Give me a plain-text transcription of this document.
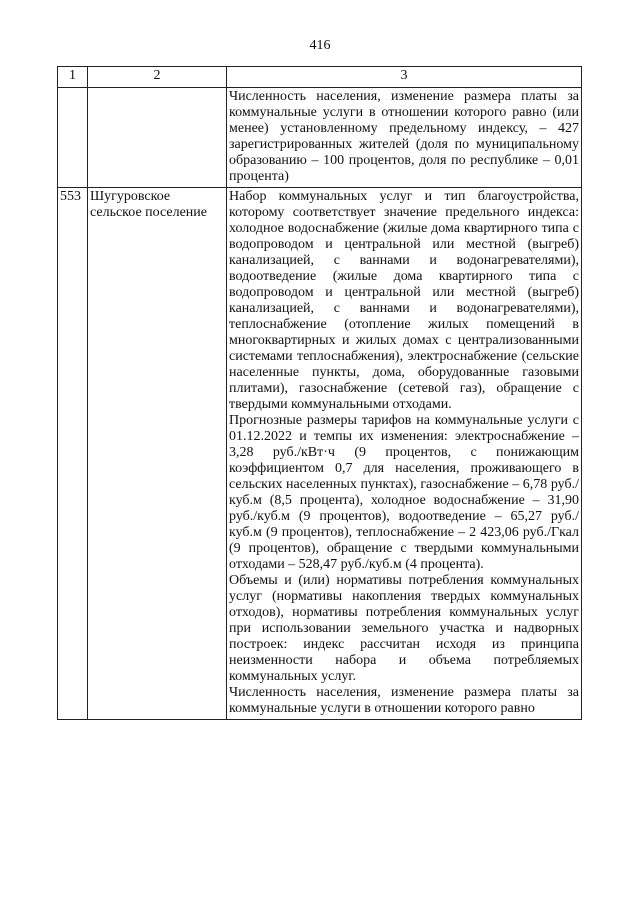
416
1	2	3

		Численность населения, изменение размера платы за коммунальные услуги в отношении которого равно (или менее) установленному предельному индексу, – 427 зарегистрированных жителей (доля по муниципальному образованию – 100 процентов, доля по республике – 0,01 процента)

553	Шугуровское сельское поселение	Набор коммунальных услуг и тип благоустройства, которому соответствует значение предельного индекса: холодное водоснабжение (жилые дома квартирного типа с водопроводом и центральной или местной (выгреб) канализацией, с ваннами и водонагревателями), водоотведение (жилые дома квартирного типа с водопроводом и центральной или местной (выгреб) канализацией, с ваннами и водонагревателями), теплоснабжение (отопление жилых помещений в многоквартирных и жилых домах с централизованными системами теплоснабжения), электроснабжение (сельские населенные пункты, дома, оборудованные газовыми плитами), газоснабжение (сетевой газ), обращение с твердыми коммунальными отходами.

Прогнозные размеры тарифов на коммунальные услуги с 01.12.2022 и темпы их изменения: электроснабжение – 3,28 руб./кВт·ч (9 процентов, с понижающим коэффициентом 0,7 для населения, проживающего в сельских населенных пунктах), газоснабжение – 6,78 руб./куб.м (8,5 процента), холодное водоснабжение – 31,90 руб./куб.м (9 процентов), водоотведение – 65,27 руб./куб.м (9 процентов), теплоснабжение – 2 423,06 руб./Гкал (9 процентов), обращение с твердыми коммунальными отходами – 528,47 руб./куб.м (4 процента).

Объемы и (или) нормативы потребления коммунальных услуг (нормативы накопления твердых коммунальных отходов), нормативы потребления коммунальных услуг при использовании земельного участка и надворных построек: индекс рассчитан исходя из принципа неизменности набора и объема потребляемых коммунальных услуг.

Численность населения, изменение размера платы за коммунальные услуги в отношении которого равно
